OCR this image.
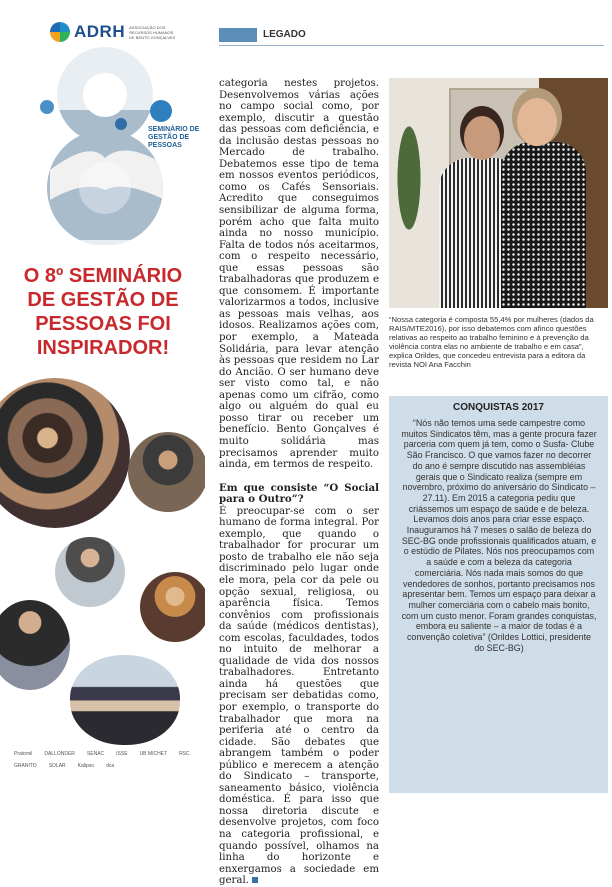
ADRH ASSOCIAÇÃO DOS RECURSOS HUMANOS DE BENTO GONÇALVES
SEMINÁRIO DE GESTÃO DE PESSOAS
O 8º SEMINÁRIO DE GESTÃO DE PESSOAS FOI INSPIRADOR!
Pratomil	DALLONDER	SENAC	ISSE	UB MICHET	RSC
GRANITO	SOLAR	Kalipso	dca
LEGADO

categoria nestes projetos. Desenvolvemos várias ações no campo social como, por exemplo, discutir a questão das pessoas com deficiência, e da inclusão destas pessoas no Mercado de trabalho. Debatemos esse tipo de tema em nossos eventos periódicos, como os Cafés Sensoriais. Acredito que conseguimos sensibilizar de alguma forma, porém acho que falta muito ainda no nosso município. Falta de todos nós aceitarmos, com o respeito necessário, que essas pessoas são trabalhadoras que produzem e que consomem. É importante valorizarmos a todos, inclusive as pessoas mais velhas, aos idosos. Realizamos ações com, por exemplo, a Mateada Solidária, para levar atenção às pessoas que residem no Lar do Ancião. O ser humano deve ser visto como tal, e não apenas como um cifrão, como algo ou alguém do qual eu posso tirar ou receber um benefício. Bento Gonçalves é muito solidária mas precisamos aprender muito ainda, em termos de respeito.

Em que consiste “O Social para o Outro”?

É preocupar-se com o ser humano de forma integral. Por exemplo, que quando o trabalhador for procurar um posto de trabalho ele não seja discriminado pelo lugar onde ele mora, pela cor da pele ou opção sexual, religiosa, ou aparência física. Temos convênios com profissionais da saúde (médicos dentistas), com escolas, faculdades, todos no intuito de melhorar a qualidade de vida dos nossos trabalhadores. Entretanto ainda há questões que precisam ser debatidas como, por exemplo, o transporte do trabalhador que mora na periferia até o centro da cidade. São debates que abrangem também o poder público e merecem a atenção do Sindicato – transporte, saneamento básico, violência doméstica. É para isso que nossa diretoria discute e desenvolve projetos, com foco na categoria profissional, e quando possível, olhamos na linha do horizonte e enxergamos a sociedade em geral.

“Nossa categoria é composta 55,4% por mulheres (dados da RAIS/MTE2016), por isso debatemos com afinco questões relativas ao respeito ao trabalho feminino e à prevenção da violência contra elas no ambiente de trabalho e em casa”, explica Orildes, que concedeu entrevista para a editora da revista NOI Ana Facchin
CONQUISTAS 2017
“Nós não temos uma sede campestre como muitos Sindicatos têm, mas a gente procura fazer parceria com quem já tem, como o Susfa- Clube São Francisco. O que vamos fazer no decorrer do ano é sempre discutido nas assembléias gerais que o Sindicato realiza (sempre em novembro, próximo do aniversário do Sindicato – 27.11). Em 2015 a categoria pediu que criássemos um espaço de saúde e de beleza. Levamos dois anos para criar esse espaço. Inauguramos há 7 meses o salão de beleza do SEC-BG onde profissionais qualificados atuam, e o estúdio de Pilates. Nós nos preocupamos com a saúde e com a beleza da categoria comerciária. Nós nada mais somos do que vendedores de sonhos, portanto precisamos nos apresentar bem. Temos um espaço para deixar a mulher comerciária com o cabelo mais bonito, com um custo menor. Foram grandes conquistas, embora eu saliente – a maior de todas é a convenção coletiva” (Orildes Lottici, presidente do SEC-BG)
